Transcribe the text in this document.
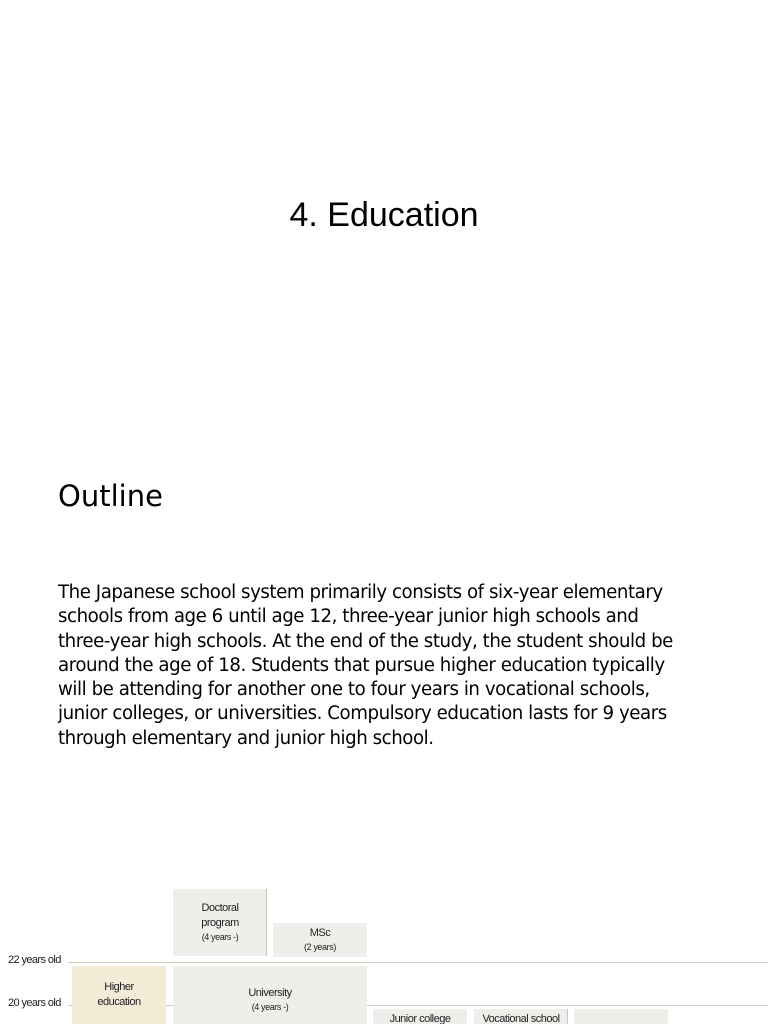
4. Education
Outline
The Japanese school system primarily consists of six-year elementary
schools from age 6 until age 12, three-year junior high schools and
three-year high schools. At the end of the study, the student should be
around the age of 18. Students that pursue higher education typically
will be attending for another one to four years in vocational schools,
junior colleges, or universities. Compulsory education lasts for 9 years
through elementary and junior high school.
22 years old
20 years old
Doctoral
program
(4 years -)	MSc
(2 years)
Higher
education
University
(4 years -)
Junior college	Vocational school
